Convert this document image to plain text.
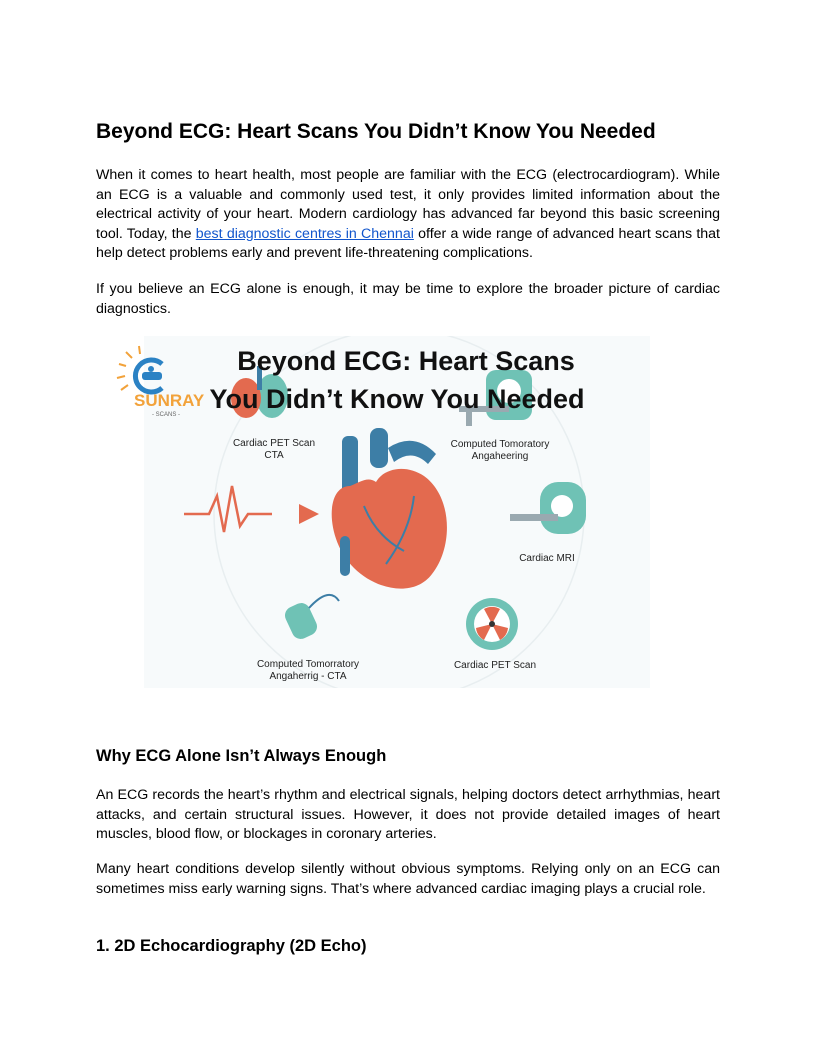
Beyond ECG: Heart Scans You Didn’t Know You Needed

When it comes to heart health, most people are familiar with the ECG (electrocardiogram). While an ECG is a valuable and commonly used test, it only provides limited information about the electrical activity of your heart. Modern cardiology has advanced far beyond this basic screening tool. Today, the best diagnostic centres in Chennai offer a wide range of advanced heart scans that help detect problems early and prevent life-threatening complications.

If you believe an ECG alone is enough, it may be time to explore the broader picture of cardiac diagnostics.

Why ECG Alone Isn’t Always Enough

An ECG records the heart’s rhythm and electrical signals, helping doctors detect arrhythmias, heart attacks, and certain structural issues. However, it does not provide detailed images of heart muscles, blood flow, or blockages in coronary arteries.

Many heart conditions develop silently without obvious symptoms. Relying only on an ECG can sometimes miss early warning signs. That’s where advanced cardiac imaging plays a crucial role.

1. 2D Echocardiography (2D Echo)
SUNRAY
- SCANS -
Cardiac PET Scan
CTA
Computed Tomoratory
Angaheering
Cardiac MRI
Computed Tomorratory
Angaherrig - CTA
Cardiac PET Scan
Beyond ECG: Heart Scans
You Didn’t Know You Needed
